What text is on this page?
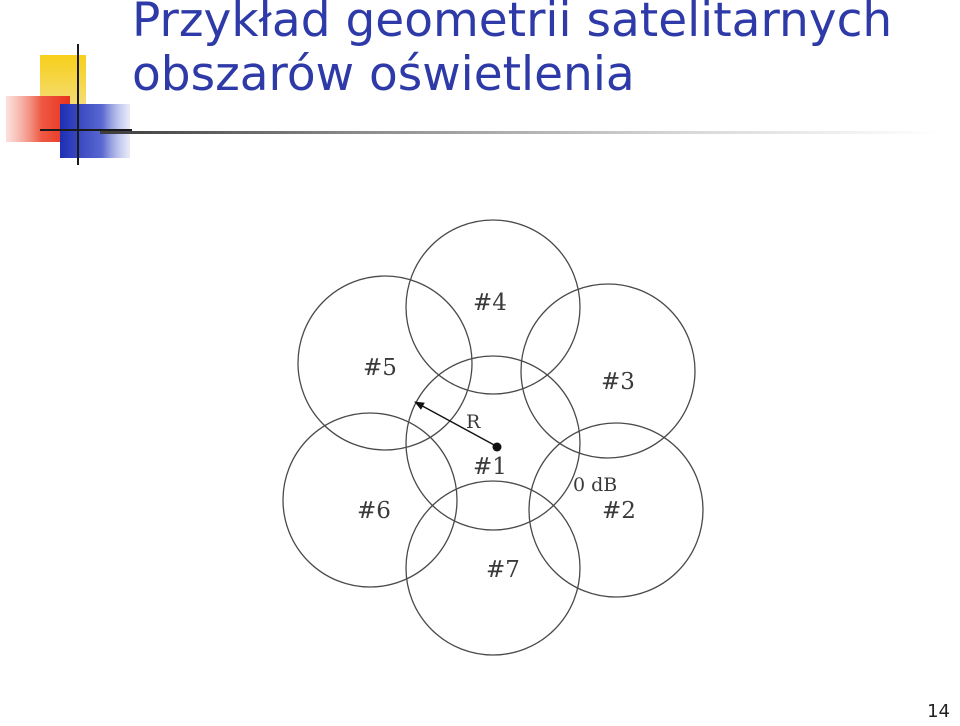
Przykład geometrii satelitarnych
obszarów oświetlenia
#1
#2
#3
#4
#5
#6
#7
R
0 dB
14
